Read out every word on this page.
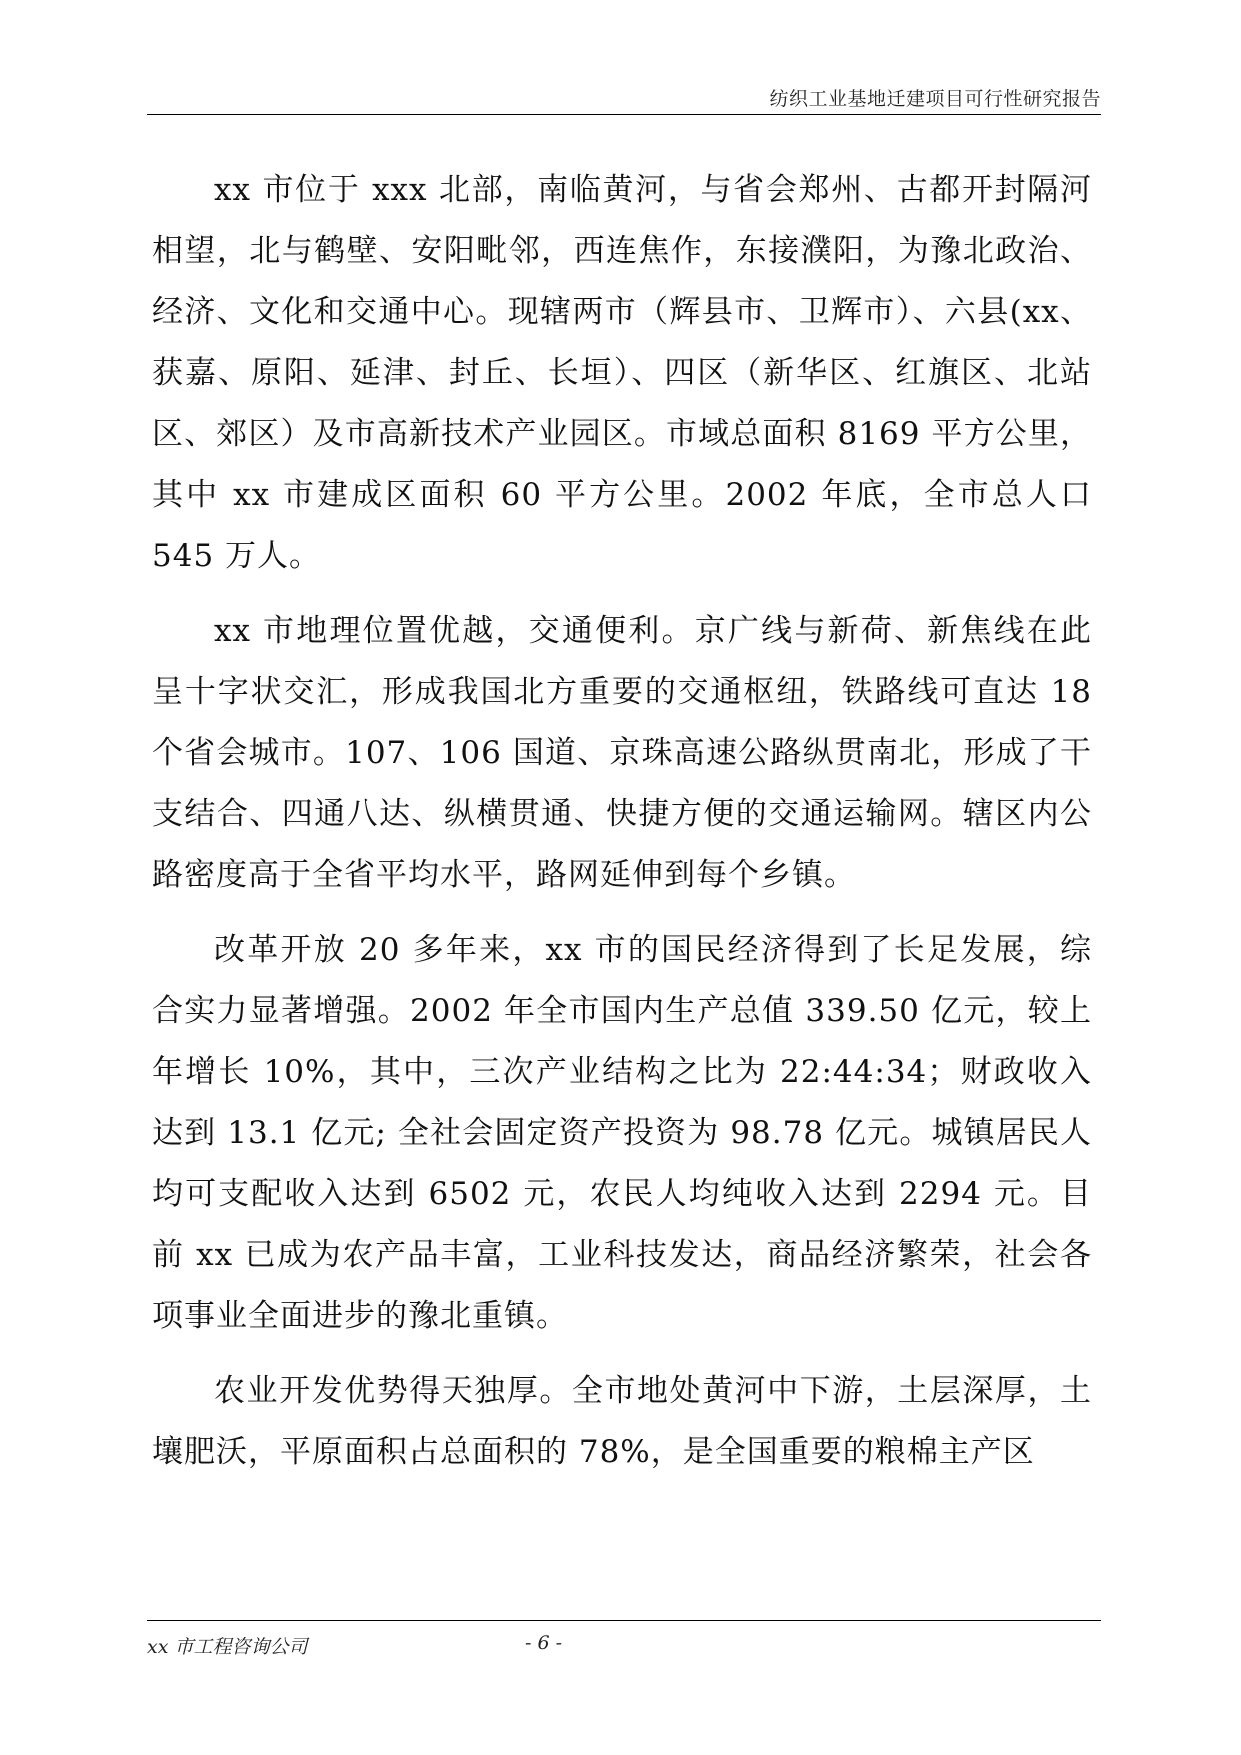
纺织工业基地迁建项目可行性研究报告

xx 市位于 xxx 北部，南临黄河，与省会郑州、古都开封隔河相望，北与鹤壁、安阳毗邻，西连焦作，东接濮阳，为豫北政治、经济、文化和交通中心。现辖两市（辉县市、卫辉市）、六县(xx、获嘉、原阳、延津、封丘、长垣）、四区（新华区、红旗区、北站区、郊区）及市高新技术产业园区。市域总面积 8169 平方公里，其中 xx 市建成区面积 60 平方公里。2002 年底，全市总人口 545 万人。

xx 市地理位置优越，交通便利。京广线与新荷、新焦线在此呈十字状交汇，形成我国北方重要的交通枢纽，铁路线可直达 18 个省会城市。107、106 国道、京珠高速公路纵贯南北，形成了干支结合、四通八达、纵横贯通、快捷方便的交通运输网。辖区内公路密度高于全省平均水平，路网延伸到每个乡镇。

改革开放 20 多年来，xx 市的国民经济得到了长足发展，综合实力显著增强。2002 年全市国内生产总值 339.50 亿元，较上年增长 10%，其中，三次产业结构之比为 22:44:34；财政收入达到 13.1 亿元; 全社会固定资产投资为 98.78 亿元。城镇居民人均可支配收入达到 6502 元，农民人均纯收入达到 2294 元。目前 xx 已成为农产品丰富，工业科技发达，商品经济繁荣，社会各项事业全面进步的豫北重镇。

农业开发优势得天独厚。全市地处黄河中下游，土层深厚，土壤肥沃，平原面积占总面积的 78%，是全国重要的粮棉主产区

xx 市工程咨询公司	- 6 -
